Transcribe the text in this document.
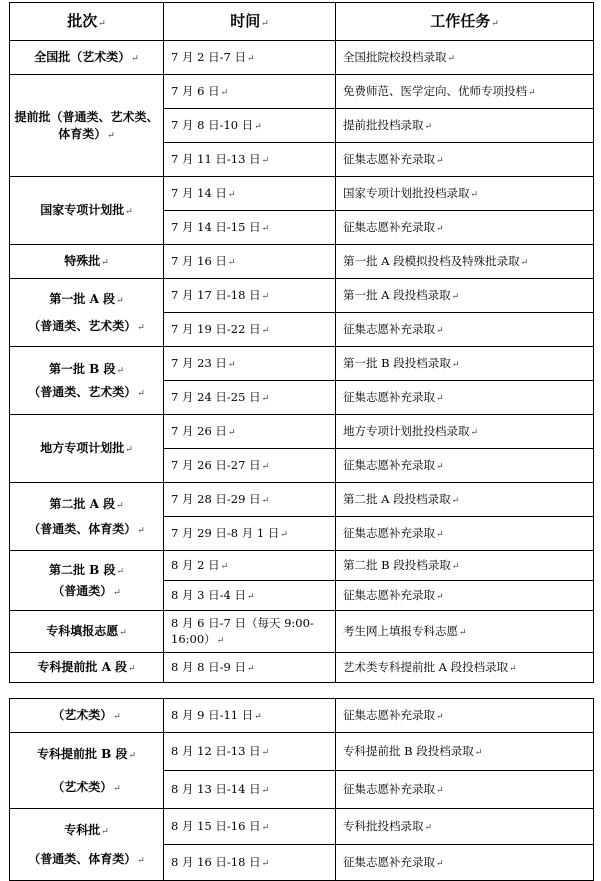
批次↵	时间↵	工作任务↵
全国批（艺术类）↵	7 月 2 日-7 日↵	全国批院校投档录取↵
提前批（普通类、艺术类、体育类）↵	7 月 6 日↵	免费师范、医学定向、优师专项投档↵
	7 月 8 日-10 日↵	提前批投档录取↵
	7 月 11 日-13 日↵	征集志愿补充录取↵
国家专项计划批↵	7 月 14 日↵	国家专项计划批投档录取↵
	7 月 14 日-15 日↵	征集志愿补充录取↵
特殊批↵	7 月 16 日↵	第一批 A 段模拟投档及特殊批录取↵

第一批 A 段↵
（普通类、艺术类）↵	7 月 17 日-18 日↵	第一批 A 段投档录取↵
	7 月 19 日-22 日↵	征集志愿补充录取↵

第一批 B 段↵
（普通类、艺术类）↵	7 月 23 日↵	第一批 B 段投档录取↵
	7 月 24 日-25 日↵	征集志愿补充录取↵
地方专项计划批↵	7 月 26 日↵	地方专项计划批投档录取↵
	7 月 26 日-27 日↵	征集志愿补充录取↵

第二批 A 段↵
（普通类、体育类）↵	7 月 28 日-29 日↵	第二批 A 段投档录取↵
	7 月 29 日-8 月 1 日↵	征集志愿补充录取↵

第二批 B 段↵
（普通类）↵	8 月 2 日↵	第二批 B 段投档录取↵
	8 月 3 日-4 日↵	征集志愿补充录取↵
专科填报志愿↵	8 月 6 日-7 日（每天 9:00-16:00）↵	考生网上填报专科志愿↵
专科提前批 A 段↵	8 月 8 日-9 日↵	艺术类专科提前批 A 段投档录取↵
（艺术类）↵	8 月 9 日-11 日↵	征集志愿补充录取↵

专科提前批 B 段↵
（艺术类）↵	8 月 12 日-13 日↵	专科提前批 B 段投档录取↵
	8 月 13 日-14 日↵	征集志愿补充录取↵

专科批↵
（普通类、体育类）↵	8 月 15 日-16 日↵	专科批投档录取↵
	8 月 16 日-18 日↵	征集志愿补充录取↵
